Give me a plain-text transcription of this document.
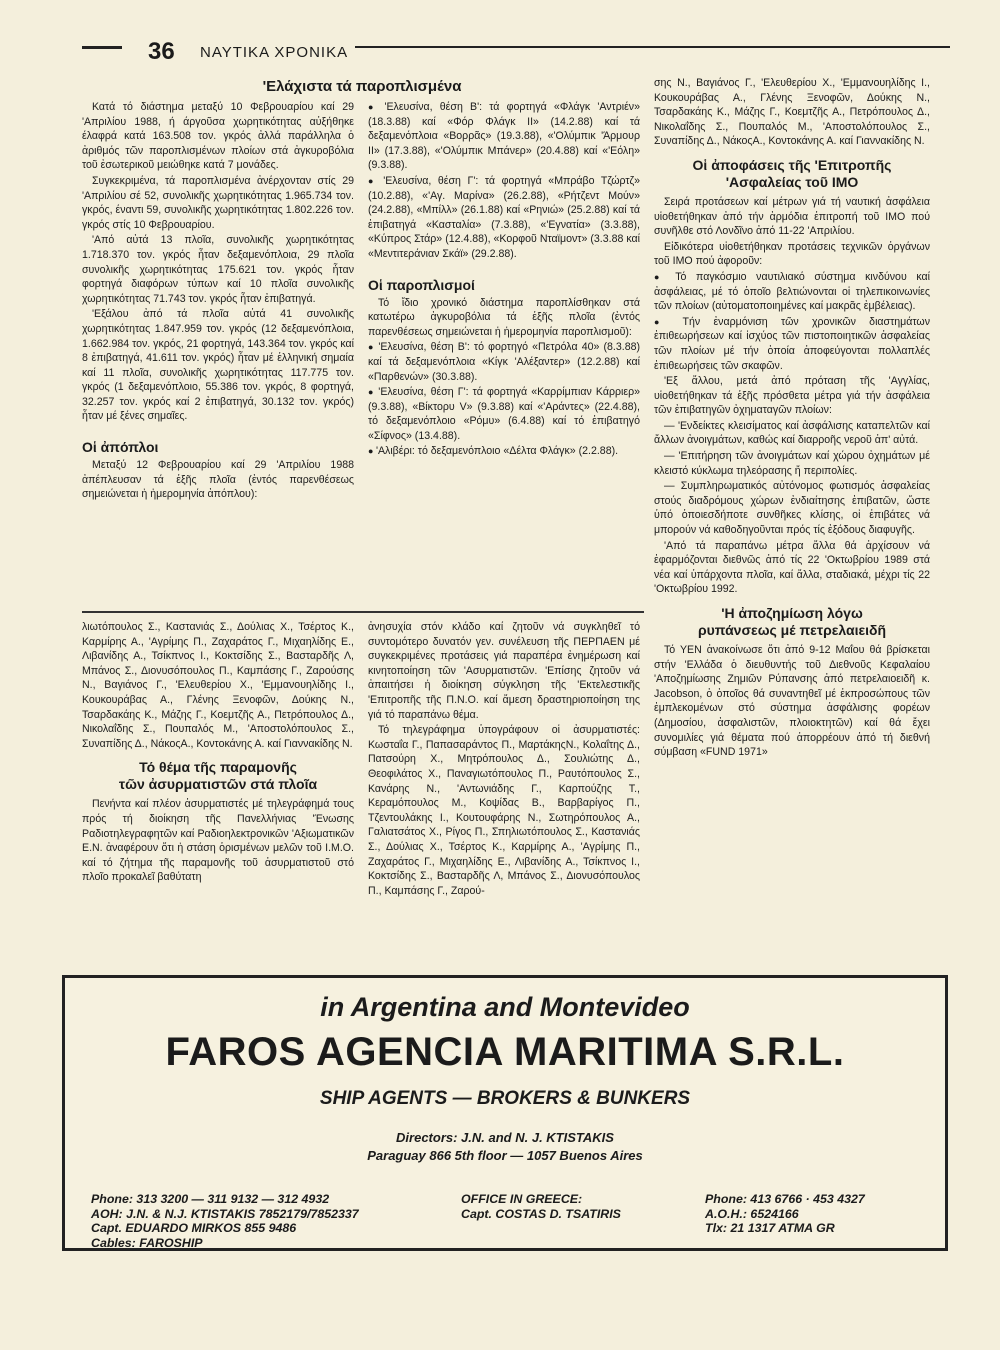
36 ΝΑΥΤΙΚΑ ΧΡΟΝΙΚΑ
'Ελάχιστα τά παροπλισμένα

Κατά τό διάστημα μεταξύ 10 Φεβρουαρίου καί 29 'Απριλίου 1988, ή άργοῦσα χωρητικότητας αὐξήθηκε έλαφρά κατά 163.508 τον. γκρός ἀλλά παράλληλα ὁ ἀριθμός τῶν παροπλισμένων πλοίων στά ἀγκυροβόλια τοῦ ἐσωτερικοῦ μειώθηκε κατά 7 μονάδες.

Συγκεκριμένα, τά παροπλισμένα ἀνέρχονταν στίς 29 'Απριλίου σέ 52, συνολικῆς χωρητικότητας 1.965.734 τον. γκρός, έναντι 59, συνολικῆς χωρητικότητας 1.802.226 τον. γκρός στίς 10 Φεβρουαρίου.

'Από αὐτά 13 πλοῖα, συνολικῆς χωρητικότητας 1.718.370 τον. γκρός ἦταν δεξαμενόπλοια, 29 πλοῖα συνολικῆς χωρητικότητας 175.621 τον. γκρός ἦταν φορτηγά διαφόρων τύπων καί 10 πλοῖα συνολικῆς χωρητικότητας 71.743 τον. γκρός ἦταν ἐπιβατηγά.

'Εξάλου ἀπό τά πλοῖα αὐτά 41 συνολικῆς χωρητικότητας 1.847.959 τον. γκρός (12 δεξαμενόπλοια, 1.662.984 τον. γκρός, 21 φορτηγά, 143.364 τον. γκρός καί 8 ἐπιβατηγά, 41.611 τον. γκρός) ἦταν μέ ἑλληνική σημαία καί 11 πλοῖα, συνολικῆς χωρητικότητας 117.775 τον. γκρός (1 δεξαμενόπλοιο, 55.386 τον. γκρός, 8 φορτηγά, 32.257 τον. γκρός καί 2 ἐπιβατηγά, 30.132 τον. γκρός) ἦταν μέ ξένες σημαῖες.

Οἱ ἀπόπλοι

Μεταξύ 12 Φεβρουαρίου καί 29 'Απριλίου 1988 ἀπέπλευσαν τά ἑξῆς πλοῖα (ἐντός παρενθέσεως σημειώνεται ἡ ἡμερομηνία ἀπόπλου):

● 'Ελευσίνα, θέση Β': τά φορτηγά «Φλάγκ 'Αντριέν» (18.3.88) καί «Φόρ Φλάγκ ΙΙ» (14.2.88) καί τά δεξαμενόπλοια «Βορρᾶς» (19.3.88), «'Ολύμπικ 'Άρμουρ ΙΙ» (17.3.88), «'Ολύμπικ Μπάνερ» (20.4.88) καί «'Εόλη» (9.3.88).

● 'Ελευσίνα, θέση Γ': τά φορτηγά «Μπράβο Τζώρτζ» (10.2.88), «'Αγ. Μαρίνα» (26.2.88), «Ρήτζεντ Μούν» (24.2.88), «Μπίλλ» (26.1.88) καί «Ρηνιώ» (25.2.88) καί τά ἐπιβατηγά «Κασταλία» (7.3.88), «'Εγνατία» (3.3.88), «Κύπρος Στάρ» (12.4.88), «Κορφοῦ Νταϊμοντ» (3.3.88 καί «Μεντιτεράνιαν Σκάϊ» (29.2.88).

Οἱ παροπλισμοί

Τό ἴδιο χρονικό διάστημα παροπλίσθηκαν στά κατωτέρω ἀγκυροβόλια τά ἑξῆς πλοῖα (ἐντός παρενθέσεως σημειώνεται ἡ ἡμερομηνία παροπλισμοῦ):

● 'Ελευσίνα, θέση Β': τό φορτηγό «Πετρόλα 40» (8.3.88) καί τά δεξαμενόπλοια «Κίγκ 'Αλέξαντερ» (12.2.88) καί «Παρθενών» (30.3.88).

● 'Ελευσίνα, θέση Γ': τά φορτηγά «Καρρίμπιαν Κάρριερ» (9.3.88), «Βίκτορυ V» (9.3.88) καί «'Αράντες» (22.4.88), τό δεξαμενόπλοιο «Ρόμυ» (6.4.88) καί τό ἐπιβατηγό «Σίφνος» (13.4.88).

● 'Αλιβέρι: τό δεξαμενόπλοιο «Δέλτα Φλάγκ» (2.2.88).

σης Ν., Βαγιάνος Γ., 'Ελευθερίου Χ., 'Εμμανουηλίδης Ι., Κουκουράβας Α., Γλένης Ξενοφῶν, Δούκης Ν., Τσαρδακάης Κ., Μάζης Γ., Κοεμτζῆς Α., Πετρόπουλος Δ., Νικολαΐδης Σ., Πουπαλός Μ., 'Αποστολόπουλος Σ., Συναπίδης Δ., ΝάκοςΑ., Κοντοκάνης Α. καί Γιαννακίδης Ν.

Οἱ ἀποφάσεις τῆς 'Επιτροπῆς
'Ασφαλείας τοῦ ΙΜΟ

Σειρά προτάσεων καί μέτρων γιά τή ναυτική ἀσφάλεια υἱοθετήθηκαν ἀπό τήν ἁρμόδια ἐπιτροπή τοῦ ΙΜΟ πού συνῆλθε στό Λονδῖνο ἀπό 11-22 'Απριλίου.

Εἰδικότερα υἱοθετήθηκαν προτάσεις τεχνικῶν ὀργάνων τοῦ ΙΜΟ πού ἀφοροῦν:

● Τό παγκόσμιο ναυτιλιακό σύστημα κινδύνου καί ἀσφάλειας, μέ τό ὁποῖο βελτιώνονται οἱ τηλεπικοινωνίες τῶν πλοίων (αὐτοματοποιημένες καί μακρᾶς ἐμβέλειας).

● Τήν ἐναρμόνιση τῶν χρονικῶν διαστημάτων ἐπιθεωρήσεων καί ἰσχύος τῶν πιστοποιητικῶν ἀσφαλείας τῶν πλοίων μέ τήν ὁποία ἀποφεύγονται πολλαπλές ἐπιθεωρήσεις τῶν σκαφῶν.

'Εξ ἄλλου, μετά ἀπό πρόταση τῆς 'Αγγλίας, υἱοθετήθηκαν τά ἑξῆς πρόσθετα μέτρα γιά τήν ἀσφάλεια τῶν ἐπιβατηγῶν ὀχηματαγῶν πλοίων:

— 'Ενδείκτες κλεισίματος καί ἀσφάλισης καταπελτῶν καί ἄλλων ἀνοιγμάτων, καθώς καί διαρροῆς νεροῦ ἀπ' αὐτά.

— 'Επιτήρηση τῶν ἀνοιγμάτων καί χώρου ὀχημάτων μέ κλειστό κύκλωμα τηλεόρασης ἤ περιπολίες.

— Συμπληρωματικός αὐτόνομος φωτισμός ἀσφαλείας στούς διαδρόμους χώρων ἐνδιαίτησης ἐπιβατῶν, ὥστε ὑπό ὁποιεσδήποτε συνθῆκες κλίσης, οἱ ἐπιβάτες νά μπορούν νά καθοδηγοῦνται πρός τίς ἐξόδους διαφυγῆς.

'Από τά παραπάνω μέτρα ἄλλα θά ἀρχίσουν νά ἐφαρμόζονται διεθνῶς ἀπό τίς 22 'Οκτωβρίου 1989 στά νέα καί ὑπάρχοντα πλοῖα, καί ἄλλα, σταδιακά, μέχρι τίς 22 'Οκτωβρίου 1992.

'Η ἀποζημίωση λόγω
ρυπάνσεως μέ πετρελαιειδῆ

Τό ΥΕΝ ἀνακοίνωσε ὅτι ἀπό 9-12 Μαΐου θά βρίσκεται στήν 'Ελλάδα ὁ διευθυντής τοῦ Διεθνοῦς Κεφαλαίου 'Αποζημίωσης Ζημιῶν Ρύπανσης ἀπό πετρελαιοειδῆ κ. Jacobson, ὁ ὁποῖος θά συναντηθεῖ μέ ἐκπροσώπους τῶν ἐμπλεκομένων στό σύστημα ἀσφάλισης φορέων (Δημοσίου, ἀσφαλιστῶν, πλοιοκτητῶν) καί θά ἔχει συνομιλίες γιά θέματα πού ἀπορρέουν ἀπό τή διεθνή σύμβαση «FUND 1971»

λιωτόπουλος Σ., Καστανιάς Σ., Δούλιας Χ., Τσέρτος Κ., Καρμίρης Α., 'Αγρίμης Π., Ζαχαράτος Γ., Μιχαηλίδης Ε., Λιβανίδης Α., Τσίκπνος Ι., Κοκτσίδης Σ., Βασταρδῆς Λ, Μπάνος Σ., Διονυσόπουλος Π., Καμπάσης Γ., Ζαρούσης Ν., Βαγιάνος Γ., 'Ελευθερίου Χ., 'Εμμανουηλίδης Ι., Κουκουράβας Α., Γλένης Ξενοφῶν, Δούκης Ν., Τσαρδακάης Κ., Μάζης Γ., Κοεμτζῆς Α., Πετρόπουλος Δ., Νικολαΐδης Σ., Πουπαλός Μ., 'Αποστολόπουλος Σ., Συναπίδης Δ., ΝάκοςΑ., Κοντοκάνης Α. καί Γιαννακίδης Ν.

Τό θέμα τῆς παραμονῆς
τῶν ἀσυρματιστῶν στά πλοῖα

Πενήντα καί πλέον ἀσυρματιστές μέ τηλεγράφημά τους πρός τή διοίκηση τῆς Πανελλήνιας 'Ένωσης Ραδιοτηλεγραφητῶν καί Ραδιοηλεκτρονικῶν 'Αξιωματικῶν Ε.Ν. ἀναφέρουν ὅτι ἡ στάση ὁρισμένων μελῶν τοῦ Ι.Μ.Ο. καί τό ζήτημα τῆς παραμονῆς τοῦ ἀσυρματιστοῦ στό πλοῖο προκαλεῖ βαθύτατη

ἀνησυχία στόν κλάδο καί ζητοῦν νά συγκληθεῖ τό συντομότερο δυνατόν γεν. συνέλευση τῆς ΠΕΡΠΑΕΝ μέ συγκεκριμένες προτάσεις γιά παραπέρα ἐνημέρωση καί κινητοποίηση τῶν 'Ασυρματιστῶν. 'Επίσης ζητοῦν νά ἀπαιτήσει ἡ διοίκηση σύγκληση τῆς 'Εκτελεστικῆς 'Επιτροπῆς τῆς Π.Ν.Ο. καί ἄμεση δραστηριοποίηση της γιά τό παραπάνω θέμα.

Τό τηλεγράφημα ὑπογράφουν οἱ ἀσυρματιστές: Κωσταΐα Γ., Παπασαράντος Π., ΜαρτάκηςΝ., Κολαΐτης Δ., Πατσούρη Χ., Μητρόπουλος Δ., Σουλιώτης Δ., Θεοφιλάτος Χ., Παναγιωτόπουλος Π., Ραυτόπουλος Σ., Κανάρης Ν., 'Αντωνιάδης Γ., Καρπούζης Τ., Κεραμόπουλος Μ., Κοψίδας Β., Βαρβαρίγος Π., Τζεντουλάκης Ι., Κουτουφάρης Ν., Σωτηρόπουλος Α., Γαλιατσάτος Χ., Ρίγος Π., Σπηλιωτόπουλος Σ., Καστανιάς Σ., Δούλιας Χ., Τσέρτος Κ., Καρμίρης Α., 'Αγρίμης Π., Ζαχαράτος Γ., Μιχαηλίδης Ε., Λιβανίδης Α., Τσίκπνος Ι., Κοκτσίδης Σ., Βασταρδῆς Λ, Μπάνος Σ., Διονυσόπουλος Π., Καμπάσης Γ., Ζαρού-

in Argentina and Montevideo
FAROS AGENCIA MARITIMA S.R.L.
SHIP AGENTS — BROKERS & BUNKERS
Directors: J.N. and N. J. KTISTAKIS
Paraguay 866 5th floor — 1057 Buenos Aires
Phone: 313 3200 — 311 9132 — 312 4932
AOH: J.N. & N.J. KTISTAKIS 7852179/7852337
Capt. EDUARDO MIRKOS 855 9486
Cables: FAROSHIP
OFFICE IN GREECE:
Capt. COSTAS D. TSATIRIS
Phone: 413 6766 · 453 4327
A.O.H.: 6524166
Tlx: 21 1317 ATMA GR
